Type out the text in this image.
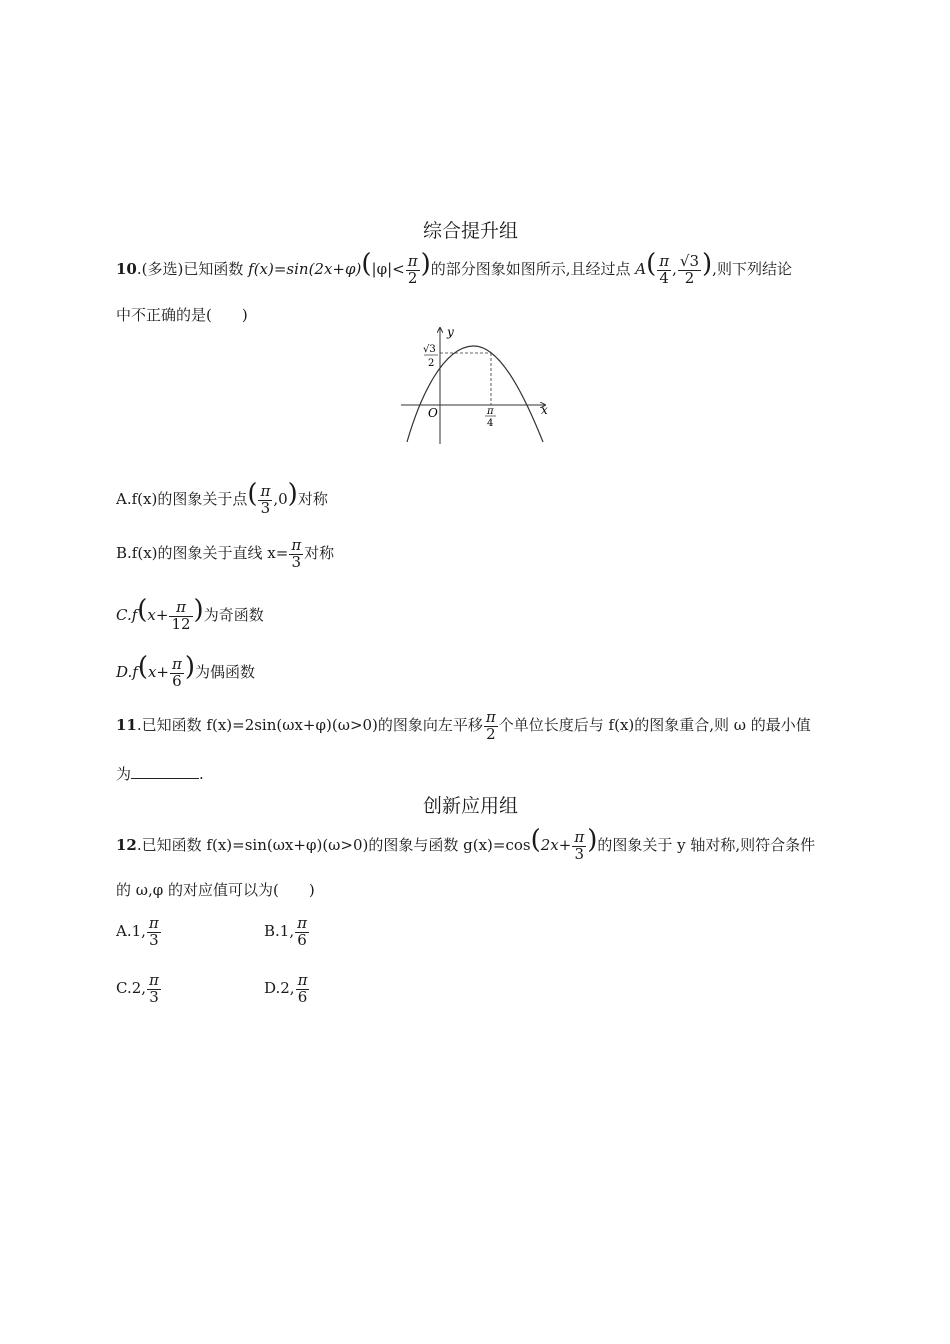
综合提升组
10.(多选)已知函数 $f(x)=\sin(2x+\varphi)(|\varphi|< \frac{\pi}{2}$ )的部分图象如图所示,且经过点 $A( \frac{\pi}{4}$ , $\frac{√3}{2}$ ),则下列结论
中不正确的是(　　)
y
x
O
√3
2
π
4
A.f(x)的图象关于点( $\frac{\pi}{3} ,0$)对称
B.f(x)的图象关于直线 $x= \frac{\pi}{3}$ 对称
$C.f(x+ \frac{\pi}{12}$ )为奇函数
$D.f(x+ \frac{\pi}{6}$ )为偶函数
11.已知函数 f(x)=2sin(ωx+φ)(ω>0)的图象向左平移 $\frac{\pi}{2}$ 个单位长度后与 f(x)的图象重合,则 ω 的最小值
为	.
创新应用组
12.已知函数 f(x)=sin(ωx+φ)(ω>0)的图象与函数 $g(x)=\cos(2x+ \frac{\pi}{3}$ )的图象关于 y 轴对称,则符合条件
的 ω,φ 的对应值可以为(　　)
A.1, $\frac{\pi}{3}$	B.1, $\frac{\pi}{6}$
C.2, $\frac{\pi}{3}$	D.2, $\frac{\pi}{6}$
